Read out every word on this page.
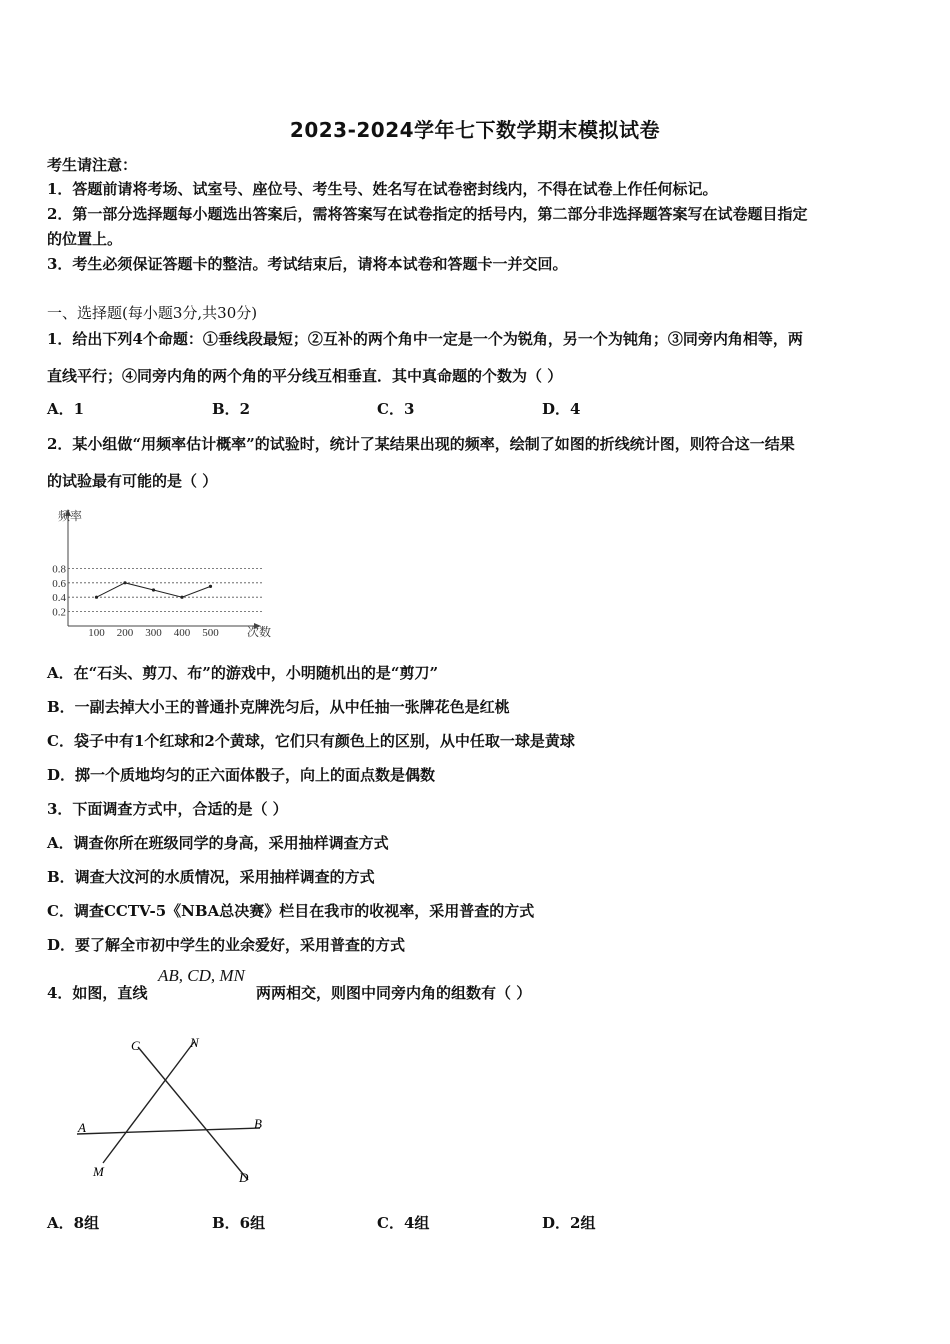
2023-2024学年七下数学期末模拟试卷
考生请注意：
1．答题前请将考场、试室号、座位号、考生号、姓名写在试卷密封线内，不得在试卷上作任何标记。
2．第一部分选择题每小题选出答案后，需将答案写在试卷指定的括号内，第二部分非选择题答案写在试卷题目指定
的位置上。
3．考生必须保证答题卡的整洁。考试结束后，请将本试卷和答题卡一并交回。
一、选择题(每小题3分,共30分)
1．给出下列4个命题：①垂线段最短；②互补的两个角中一定是一个为锐角，另一个为钝角；③同旁内角相等，两
直线平行；④同旁内角的两个角的平分线互相垂直．其中真命题的个数为（ ）
A．1	B．2	C．3	D．4
2．某小组做“用频率估计概率”的试验时，统计了某结果出现的频率，绘制了如图的折线统计图，则符合这一结果
的试验最有可能的是（ ）
频率
次数
0.2
0.4
0.6
0.8
100 200 300 400 500
A．在“石头、剪刀、布”的游戏中，小明随机出的是“剪刀”
B．一副去掉大小王的普通扑克牌洗匀后，从中任抽一张牌花色是红桃
C．袋子中有1个红球和2个黄球，它们只有颜色上的区别，从中任取一球是黄球
D．掷一个质地均匀的正六面体骰子，向上的面点数是偶数
3．下面调查方式中，合适的是（ ）
A．调查你所在班级同学的身高，采用抽样调查方式
B．调查大汶河的水质情况，采用抽样调查的方式
C．调查CCTV-5《NBA总决赛》栏目在我市的收视率，采用普查的方式
D．要了解全市初中学生的业余爱好，采用普查的方式
4．如图，直线
AB, CD, MN
两两相交，则图中同旁内角的组数有（ ）
C	N
A	B
M	D
A．8组	B．6组	C．4组	D．2组
